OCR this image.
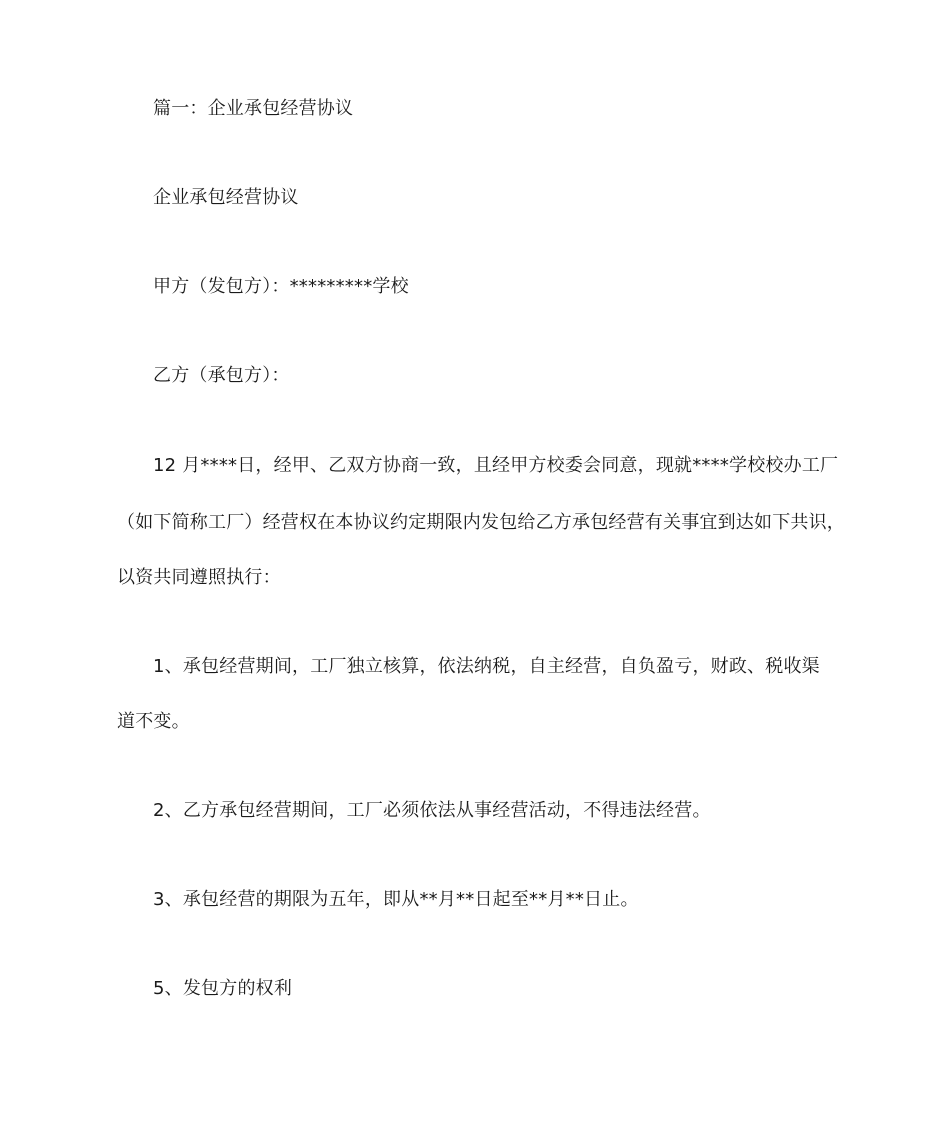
篇一：企业承包经营协议
企业承包经营协议
甲方（发包方）：*********学校
乙方（承包方）：
12 月****日，经甲、乙双方协商一致，且经甲方校委会同意，现就****学校校办工厂
（如下简称工厂）经营权在本协议约定期限内发包给乙方承包经营有关事宜到达如下共识，
以资共同遵照执行：
1、承包经营期间，工厂独立核算，依法纳税，自主经营，自负盈亏，财政、税收渠
道不变。
2、乙方承包经营期间，工厂必须依法从事经营活动，不得违法经营。
3、承包经营的期限为五年，即从**月**日起至**月**日止。
5、发包方的权利
